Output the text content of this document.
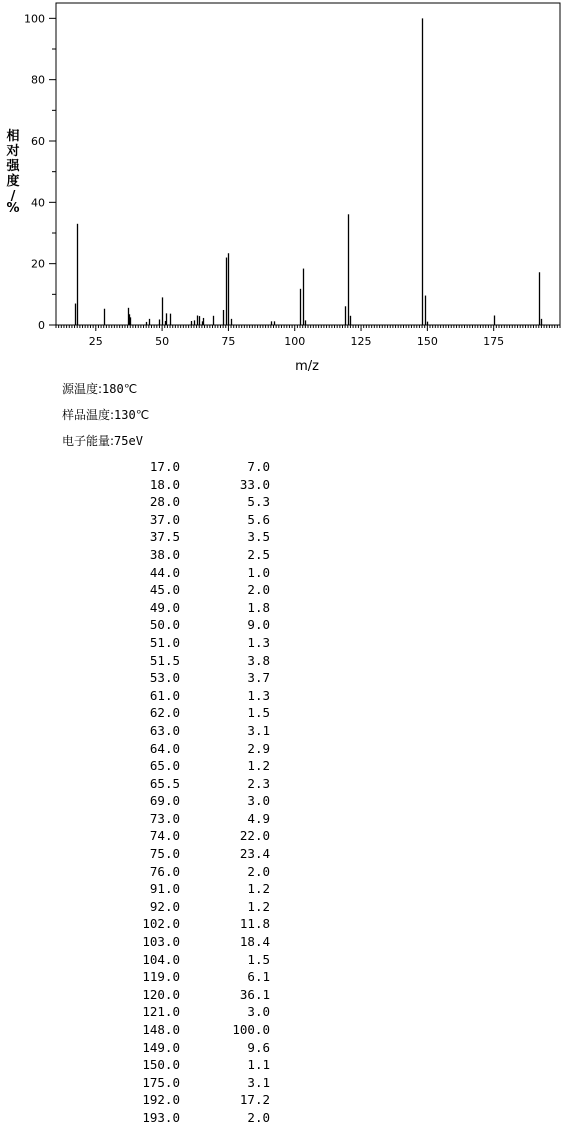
25	50	75	100	125	150	175
0
20
40
60
80
100
m/z
相对强度/ %
源温度:180℃
样品温度:130℃
电子能量:75eV
17.0	7.0
18.0	33.0
28.0	5.3
37.0	5.6
37.5	3.5
38.0	2.5
44.0	1.0
45.0	2.0
49.0	1.8
50.0	9.0
51.0	1.3
51.5	3.8
53.0	3.7
61.0	1.3
62.0	1.5
63.0	3.1
64.0	2.9
65.0	1.2
65.5	2.3
69.0	3.0
73.0	4.9
74.0	22.0
75.0	23.4
76.0	2.0
91.0	1.2
92.0	1.2
102.0	11.8
103.0	18.4
104.0	1.5
119.0	6.1
120.0	36.1
121.0	3.0
148.0	100.0
149.0	9.6
150.0	1.1
175.0	3.1
192.0	17.2
193.0	2.0
